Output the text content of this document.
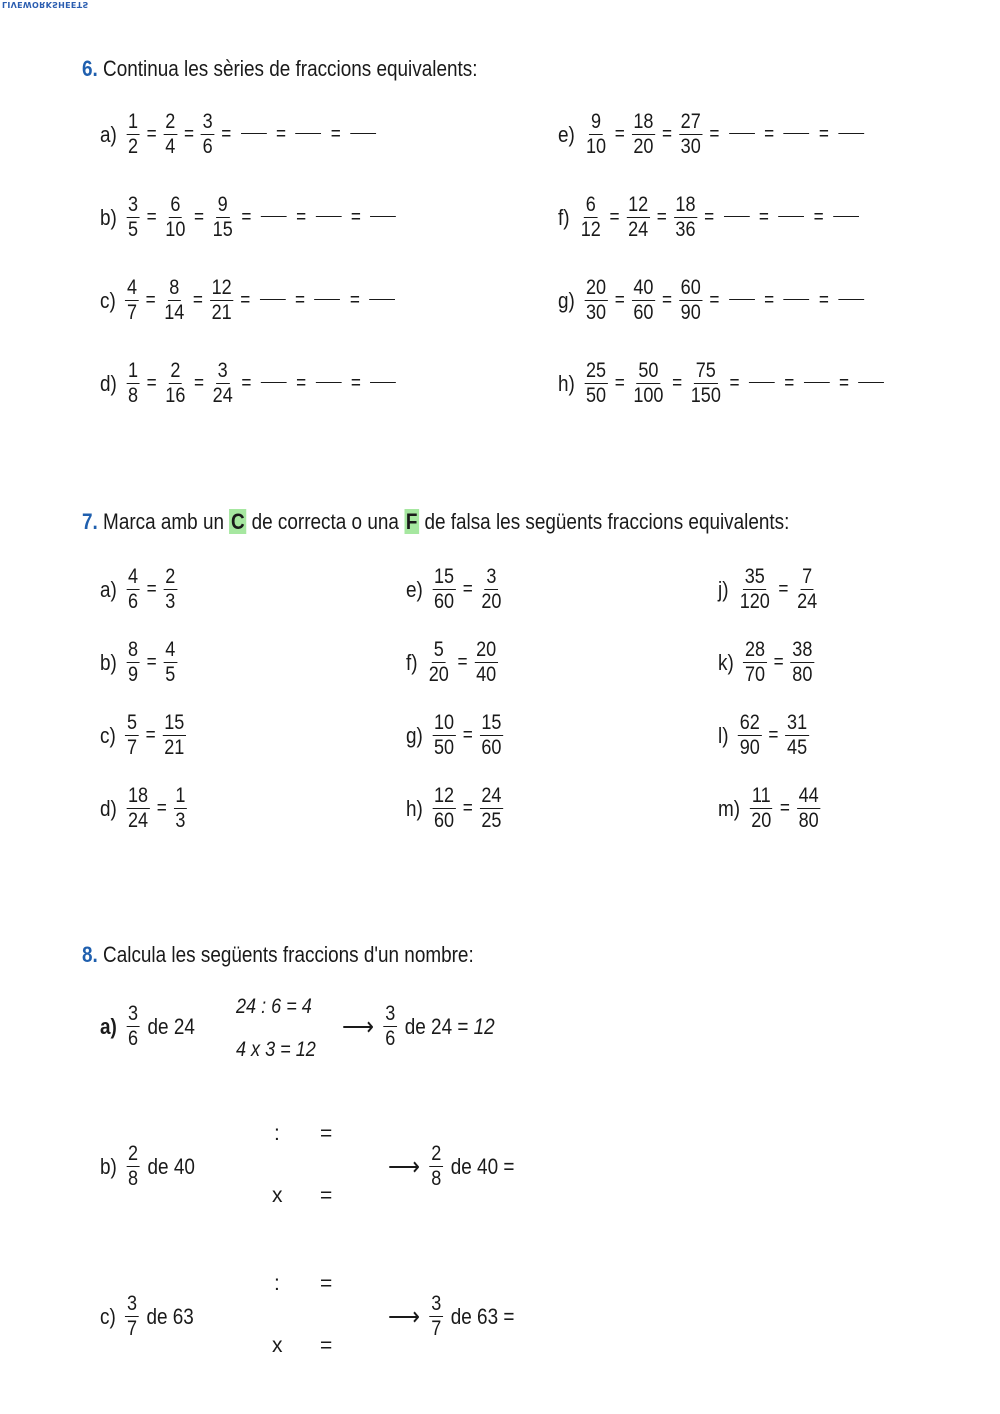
LIVEWORKSHEETS
6. Continua les sèries de fraccions equivalents:
$a) \frac{1}{2} = \frac{2}{4} = \frac{3}{6}$ = = =
$b) \frac{3}{5} = \frac{6}{10} = \frac{9}{15}$ = = =
$c) \frac{4}{7} = \frac{8}{14} = \frac{12}{21}$ = = =
$d) \frac{1}{8} = \frac{2}{16} = \frac{3}{24}$ = = =
$e) \frac{9}{10} = \frac{18}{20} = \frac{27}{30}$ = = =
$f) \frac{6}{12} = \frac{12}{24} = \frac{18}{36}$ = = =
$g) \frac{20}{30} = \frac{40}{60} = \frac{60}{90}$ = = =
$h) \frac{25}{50} = \frac{50}{100} = \frac{75}{150}$ = = =
7. Marca amb un C de correcta o una F de falsa les següents fraccions equivalents:
$a) \frac{4}{6} = \frac{2}{3}$
$b) \frac{8}{9} = \frac{4}{5}$
$c) \frac{5}{7} = \frac{15}{21}$
$d) \frac{18}{24} = \frac{1}{3}$
$e) \frac{15}{60} = \frac{3}{20}$
$f) \frac{5}{20} = \frac{20}{40}$
$g) \frac{10}{50} = \frac{15}{60}$
$h) \frac{12}{60} = \frac{24}{25}$
$j) \frac{35}{120} = \frac{7}{24}$
$k) \frac{28}{70} = \frac{38}{80}$
$l) \frac{62}{90} = \frac{31}{45}$
$m) \frac{11}{20} = \frac{44}{80}$
8. Calcula les següents fraccions d'un nombre:
$a) \frac{3}{6}$ de 24
24 : 6 = 4
4 x 3 = 12
⟶ $\frac{3}{6}$ de 24 = 12
$b) \frac{2}{8}$ de 40
: =
x =
⟶ $\frac{2}{8}$ de 40 =
$c) \frac{3}{7}$ de 63
: =
x =
⟶ $\frac{3}{7}$ de 63 =
